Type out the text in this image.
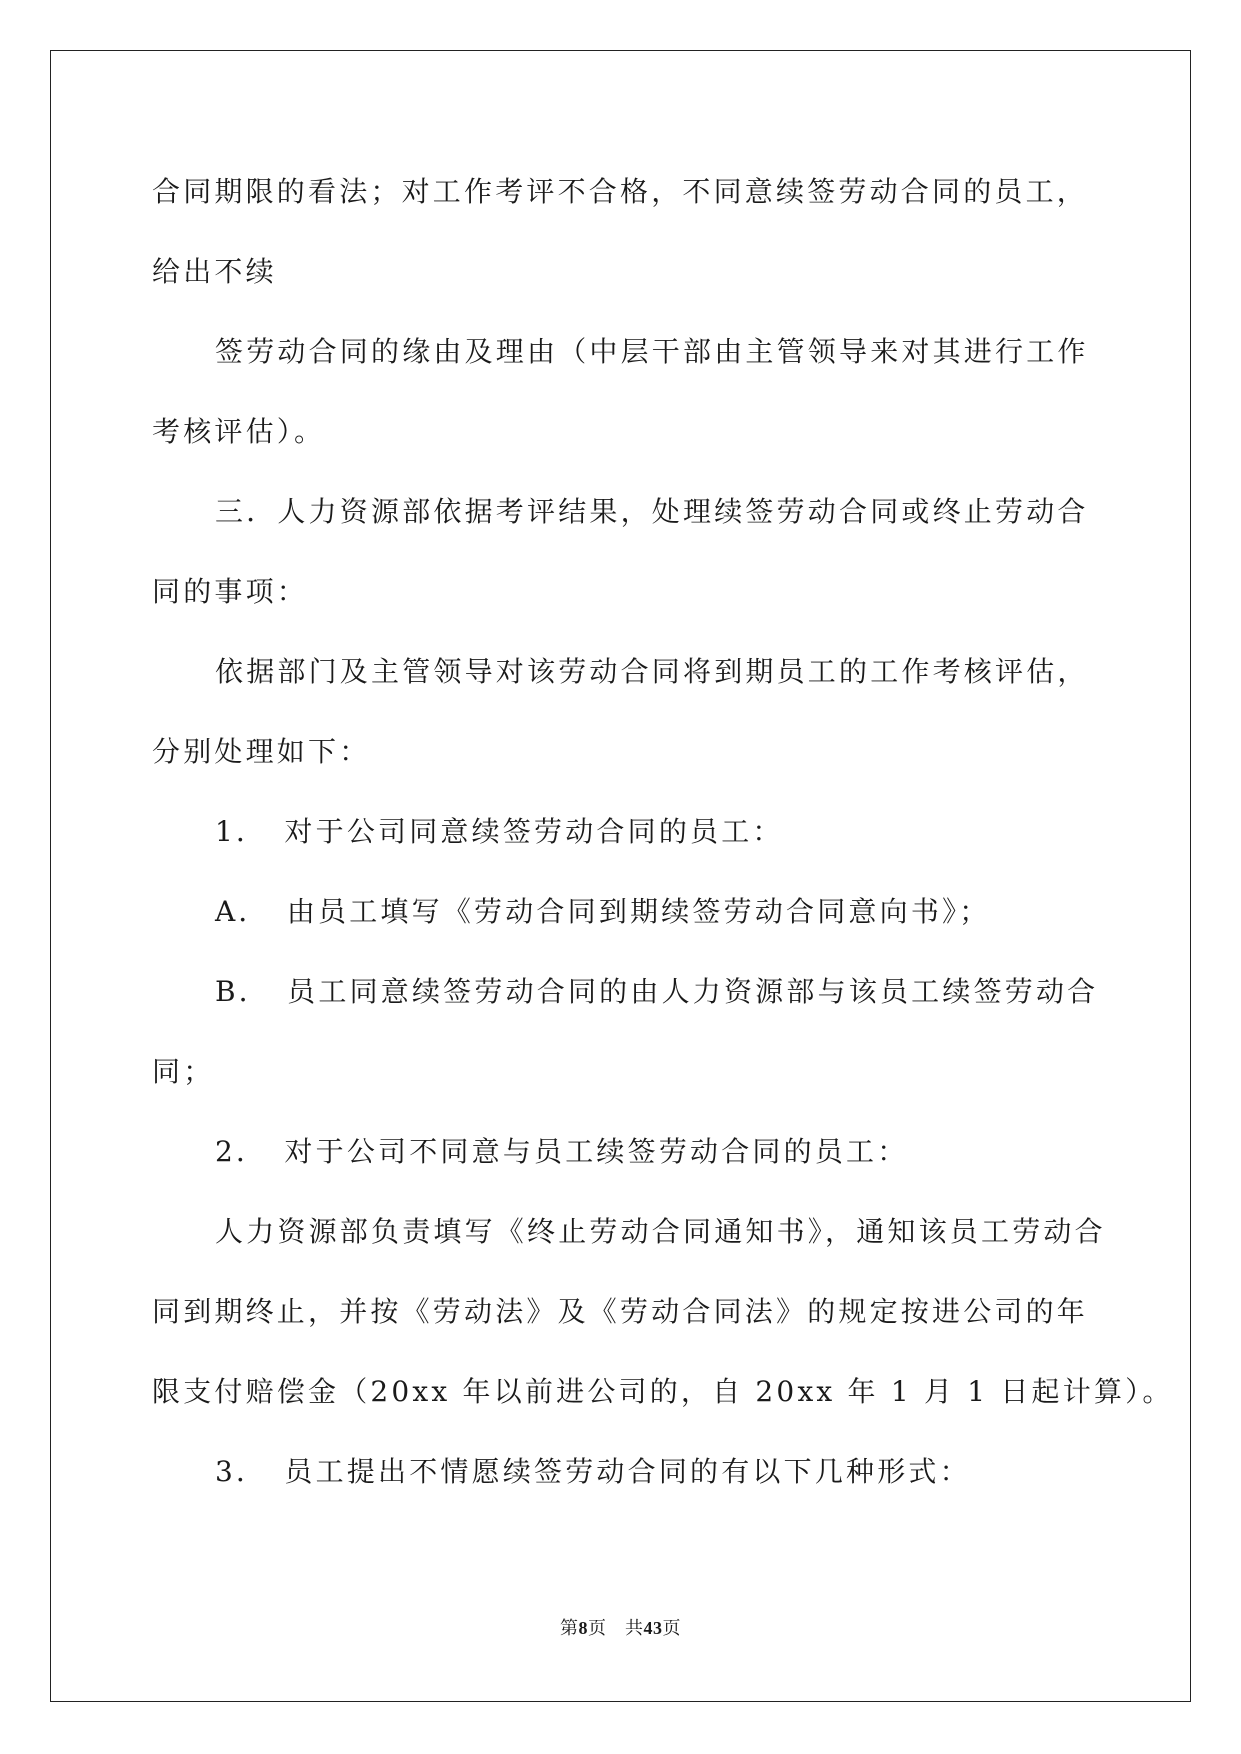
合同期限的看法；对工作考评不合格，不同意续签劳动合同的员工，
给出不续
签劳动合同的缘由及理由（中层干部由主管领导来对其进行工作
考核评估）。
三．人力资源部依据考评结果，处理续签劳动合同或终止劳动合
同的事项：
依据部门及主管领导对该劳动合同将到期员工的工作考核评估，
分别处理如下：
1．　对于公司同意续签劳动合同的员工：
A．　由员工填写《劳动合同到期续签劳动合同意向书》；
B．　员工同意续签劳动合同的由人力资源部与该员工续签劳动合
同；
2．　对于公司不同意与员工续签劳动合同的员工：
人力资源部负责填写《终止劳动合同通知书》，通知该员工劳动合
同到期终止，并按《劳动法》及《劳动合同法》的规定按进公司的年
限支付赔偿金（20xx 年以前进公司的，自 20xx 年 1 月 1 日起计算）。
3．　员工提出不情愿续签劳动合同的有以下几种形式：
第8页　共43页
